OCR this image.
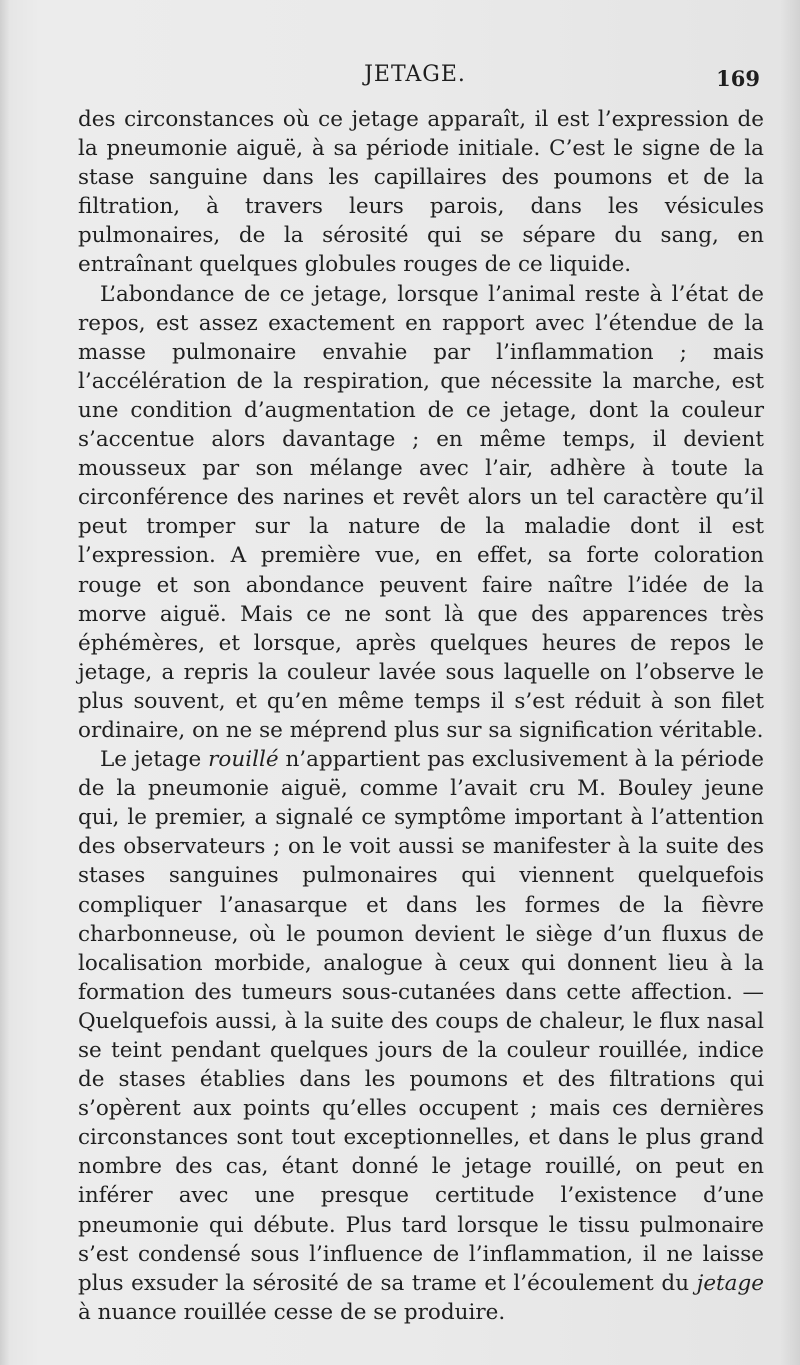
JETAGE.	169

des circonstances où ce jetage apparaît, il est l’expression de la pneumonie aiguë, à sa période initiale. C’est le signe de la stase sanguine dans les capillaires des poumons et de la filtration, à travers leurs parois, dans les vésicules pulmonaires, de la sérosité qui se sépare du sang, en entraînant quelques globules rouges de ce liquide.

L’abondance de ce jetage, lorsque l’animal reste à l’état de repos, est assez exactement en rapport avec l’étendue de la masse pulmonaire envahie par l’inflammation ; mais l’accélération de la respiration, que nécessite la marche, est une condition d’augmentation de ce jetage, dont la couleur s’accentue alors davantage ; en même temps, il devient mousseux par son mélange avec l’air, adhère à toute la circonférence des narines et revêt alors un tel caractère qu’il peut tromper sur la nature de la maladie dont il est l’expression. A première vue, en effet, sa forte coloration rouge et son abondance peuvent faire naître l’idée de la morve aiguë. Mais ce ne sont là que des apparences très éphémères, et lorsque, après quelques heures de repos le jetage, a repris la couleur lavée sous laquelle on l’observe le plus souvent, et qu’en même temps il s’est réduit à son filet ordinaire, on ne se méprend plus sur sa signification véritable.

Le jetage rouillé n’appartient pas exclusivement à la période de la pneumonie aiguë, comme l’avait cru M. Bouley jeune qui, le premier, a signalé ce symptôme important à l’attention des observateurs ; on le voit aussi se manifester à la suite des stases sanguines pulmonaires qui viennent quelquefois compliquer l’anasarque et dans les formes de la fièvre charbonneuse, où le poumon devient le siège d’un fluxus de localisation morbide, analogue à ceux qui donnent lieu à la formation des tumeurs sous-cutanées dans cette affection. — Quelquefois aussi, à la suite des coups de chaleur, le flux nasal se teint pendant quelques jours de la couleur rouillée, indice de stases établies dans les poumons et des filtrations qui s’opèrent aux points qu’elles occupent ; mais ces dernières circonstances sont tout exceptionnelles, et dans le plus grand nombre des cas, étant donné le jetage rouillé, on peut en inférer avec une presque certitude l’existence d’une pneumonie qui débute. Plus tard lorsque le tissu pulmonaire s’est condensé sous l’influence de l’inflammation, il ne laisse plus exsuder la sérosité de sa trame et l’écoulement du jetage à nuance rouillée cesse de se produire.
